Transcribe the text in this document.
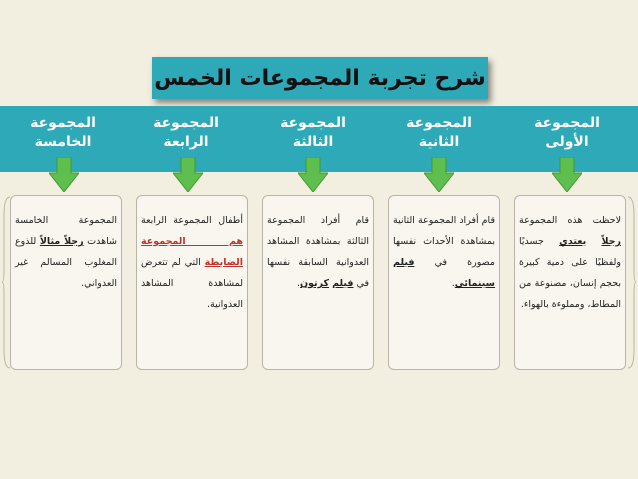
شرح تجربة المجموعات الخمس
المجموعة
الخامسة
المجموعة
الرابعة
المجموعة
الثالثة
المجموعة
الثانية
المجموعة
الأولى

المجموعة الخامسة شاهدت رجلاً مثالاً للذوع المغلوب المسالم غير العدواني.

أطفال المجموعة الرابعة هم المجموعة الضابطة التي لم تتعرض لمشاهدة المشاهد العدوانية.

قام أفراد المجموعة الثالثة بمشاهدة المشاهد العدوانية السابقة نفسها في فيلم كرتون.

قام أفراد المجموعة الثانية بمشاهدة الأحداث نفسها مصورة في فيلم سينمائي.

لاحظت هذه المجموعة رجلاً يعتدي جسديًا ولفظيًا على دمية كبيرة بحجم إنسان، مصنوعة من المطاط، ومملوءة بالهواء.
